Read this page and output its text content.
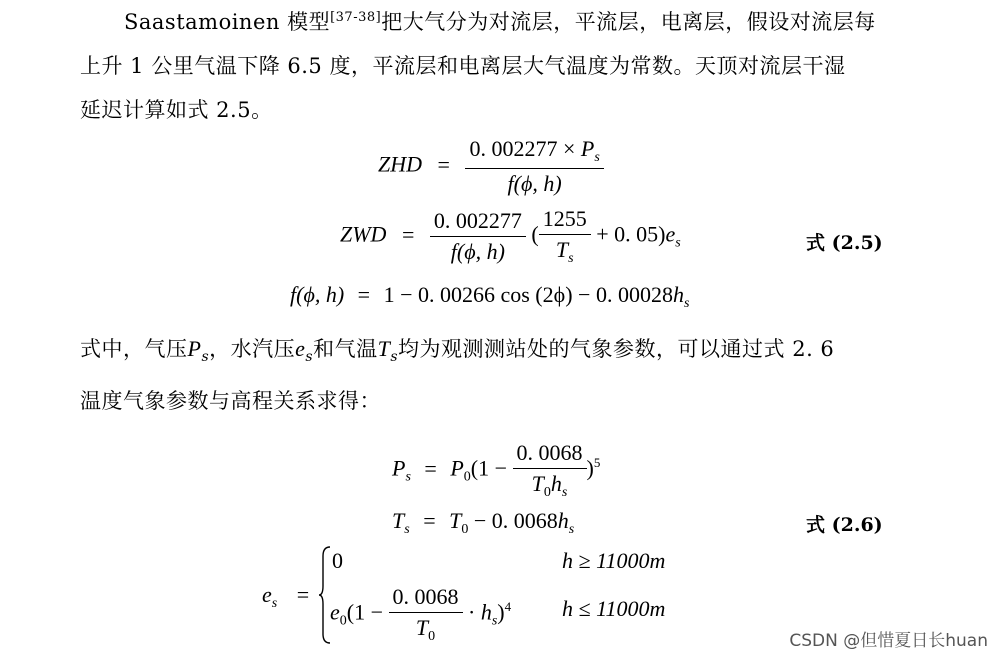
Saastamoinen 模型[37-38]把大气分为对流层，平流层，电离层，假设对流层每
上升 1 公里气温下降 6.5 度，平流层和电离层大气温度为常数。天顶对流层干湿
延迟计算如式 2.5。
ZHD = $\frac{0. 002277 \times P_s}{f(\phi, h)}$
ZWD = $\frac{0. 002277}{f(\phi, h)}$ ( $\frac{1255}{T_s} + 0$. $05)e_s$	式 (2.5)
f(ϕ, h) = 1 − 0. 00266 cos (2ϕ) − 0. $00028h_s$
式中，气压$P_s$，水汽压$e_s$和气温$T_s$均为观测测站处的气象参数，可以通过式 2. 6
温度气象参数与高程关系求得：
$P_s = P_0(1 - \frac{0. 0068}{T_0h_s} )^5$
$T_s = T_0 - 0$. $0068h_s$	式 (2.6)
$e_s$ =
0	h ≥ 11000m
$e_0(1 - \frac{0. 0068}{T_0} \cdot h_s)^4$ h ≤ 11000m
CSDN @但惜夏日长huan
